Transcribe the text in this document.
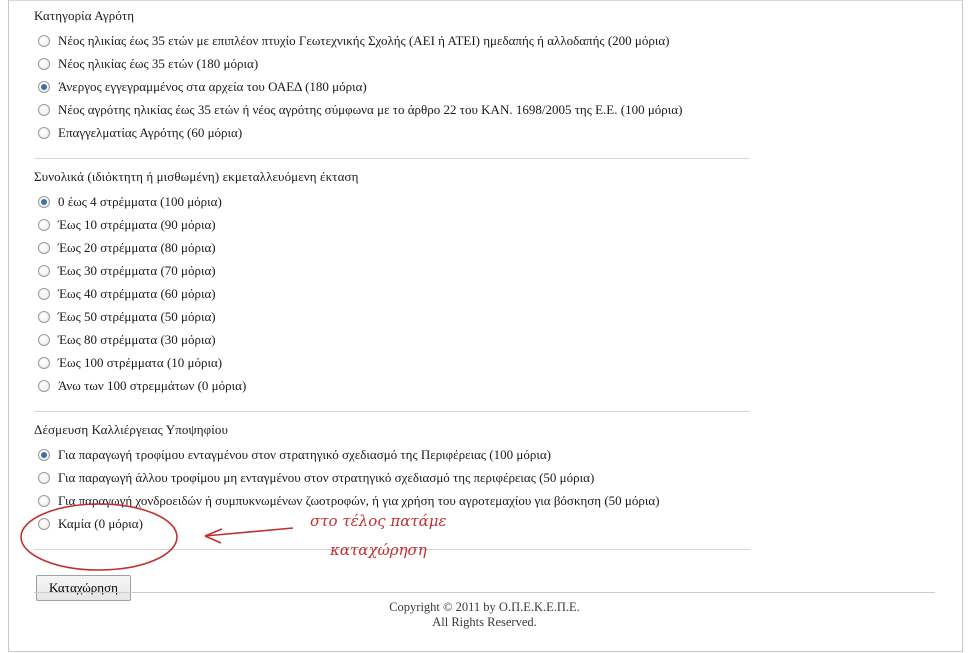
Κατηγορία Αγρότη
Νέος ηλικίας έως 35 ετών με επιπλέον πτυχίο Γεωτεχνικής Σχολής (ΑΕΙ ή ΑΤΕΙ) ημεδαπής ή αλλοδαπής (200 μόρια)
Νέος ηλικίας έως 35 ετών (180 μόρια)
Άνεργος εγγεγραμμένος στα αρχεία του ΟΑΕΔ (180 μόρια)
Νέος αγρότης ηλικίας έως 35 ετών ή νέος αγρότης σύμφωνα με το άρθρο 22 του ΚΑΝ. 1698/2005 της Ε.Ε. (100 μόρια)
Επαγγελματίας Αγρότης (60 μόρια)
Συνολικά (ιδιόκτητη ή μισθωμένη) εκμεταλλευόμενη έκταση
0 έως 4 στρέμματα (100 μόρια)
Έως 10 στρέμματα (90 μόρια)
Έως 20 στρέμματα (80 μόρια)
Έως 30 στρέμματα (70 μόρια)
Έως 40 στρέμματα (60 μόρια)
Έως 50 στρέμματα (50 μόρια)
Έως 80 στρέμματα (30 μόρια)
Έως 100 στρέμματα (10 μόρια)
Άνω των 100 στρεμμάτων (0 μόρια)
Δέσμευση Καλλιέργειας Υποψηφίου
Για παραγωγή τροφίμου ενταγμένου στον στρατηγικό σχεδιασμό της Περιφέρειας (100 μόρια)
Για παραγωγή άλλου τροφίμου μη ενταγμένου στον στρατηγικό σχεδιασμό της περιφέρειας (50 μόρια)
Για παραγωγή χονδροειδών ή συμπυκνωμένων ζωοτροφών, ή για χρήση του αγροτεμαχίου για βόσκηση (50 μόρια)
Καμία (0 μόρια)
Καταχώρηση
στο τέλος πατάμε
καταχώρηση
Copyright © 2011 by Ο.Π.Ε.Κ.Ε.Π.Ε.
All Rights Reserved.
